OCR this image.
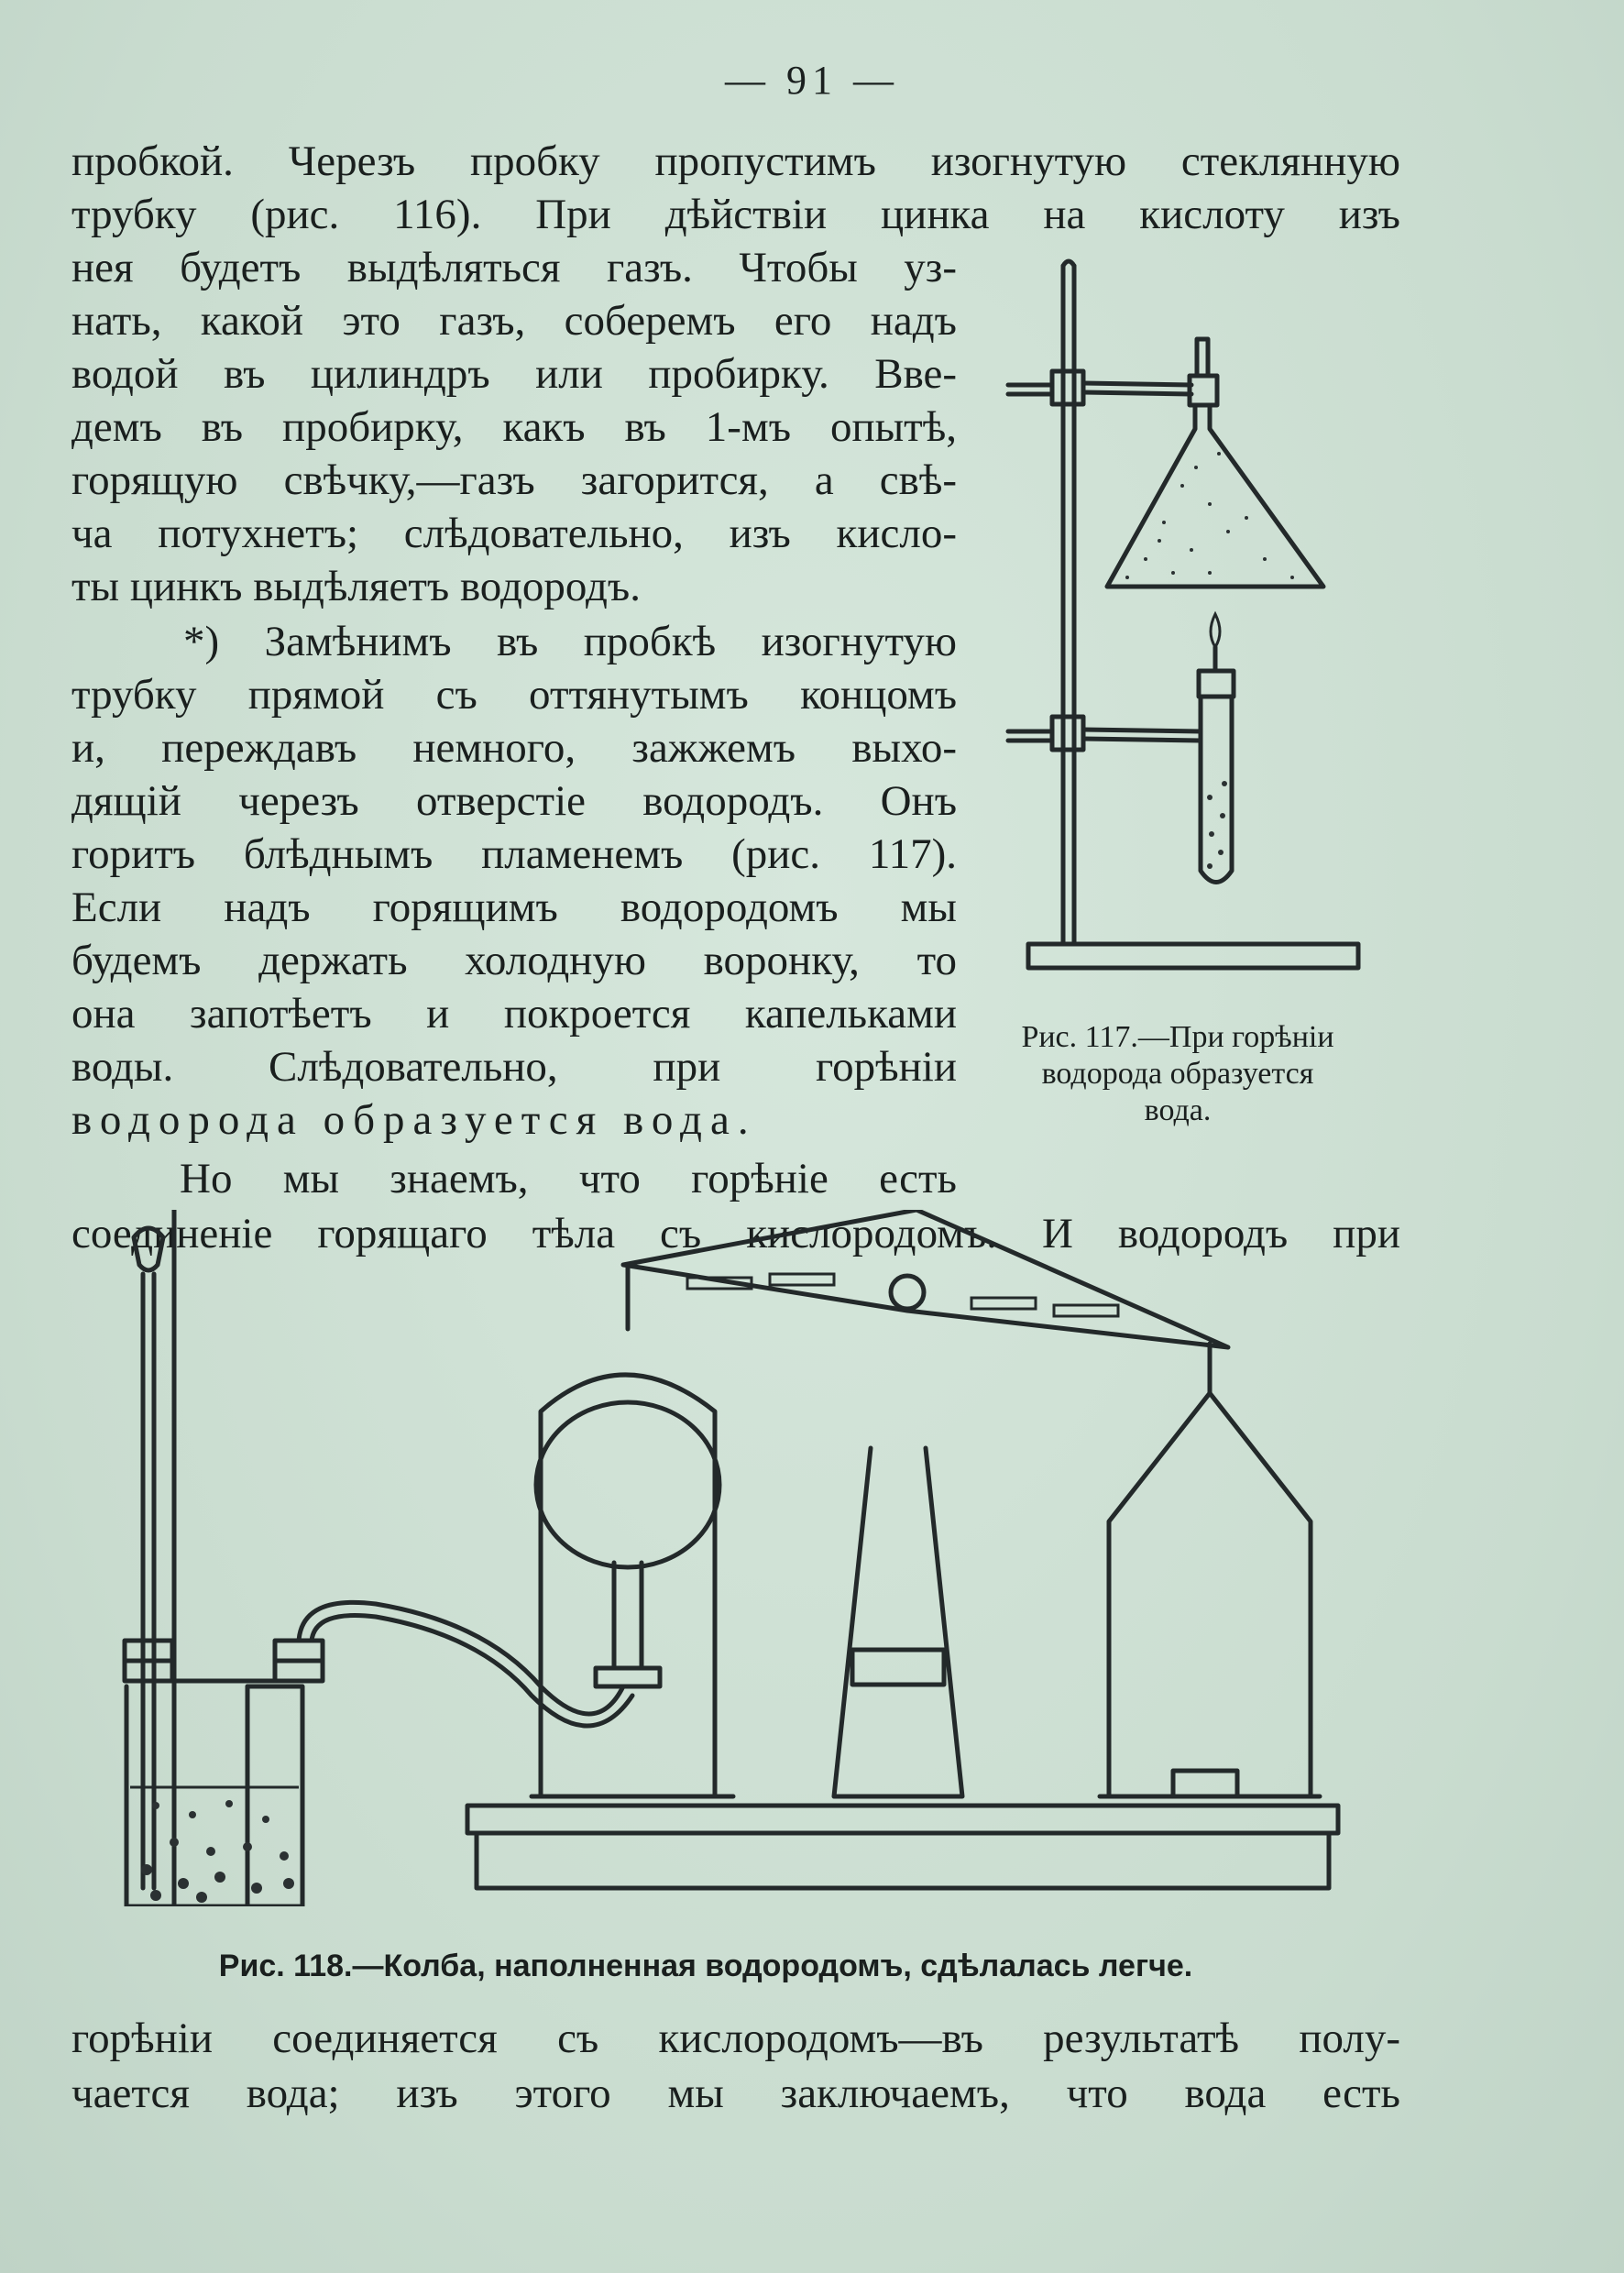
— 91 —
пробкой. Черезъ пробку пропустимъ изогнутую стеклянную
трубку (рис. 116). При дѣйствіи цинка на кислоту изъ
нея будетъ выдѣляться газъ. Чтобы уз-
нать, какой это газъ, соберемъ его надъ
водой въ цилиндръ или пробирку. Вве-
демъ въ пробирку, какъ въ 1-мъ опытѣ,
горящую свѣчку,—газъ загорится, а свѣ-
ча потухнетъ; слѣдовательно, изъ кисло-
ты цинкъ выдѣляетъ водородъ.
*) Замѣнимъ въ пробкѣ изогнутую
трубку прямой съ оттянутымъ концомъ
и, переждавъ немного, зажжемъ выхо-
дящій черезъ отверстіе водородъ. Онъ
горитъ блѣднымъ пламенемъ (рис. 117).
Если надъ горящимъ водородомъ мы
будемъ держать холодную воронку, то
она запотѣетъ и покроется капельками
воды. Слѣдовательно, при горѣніи
водорода образуется вода.
Но мы знаемъ, что горѣніе есть
соединеніе горящаго тѣла съ кислородомъ. И водородъ при
Рис. 117.—При горѣніи
водорода образуется
вода.
Рис. 118.—Колба, наполненная водородомъ, сдѣлалась легче.
горѣніи соединяется съ кислородомъ—въ результатѣ полу-
чается вода; изъ этого мы заключаемъ, что вода есть
